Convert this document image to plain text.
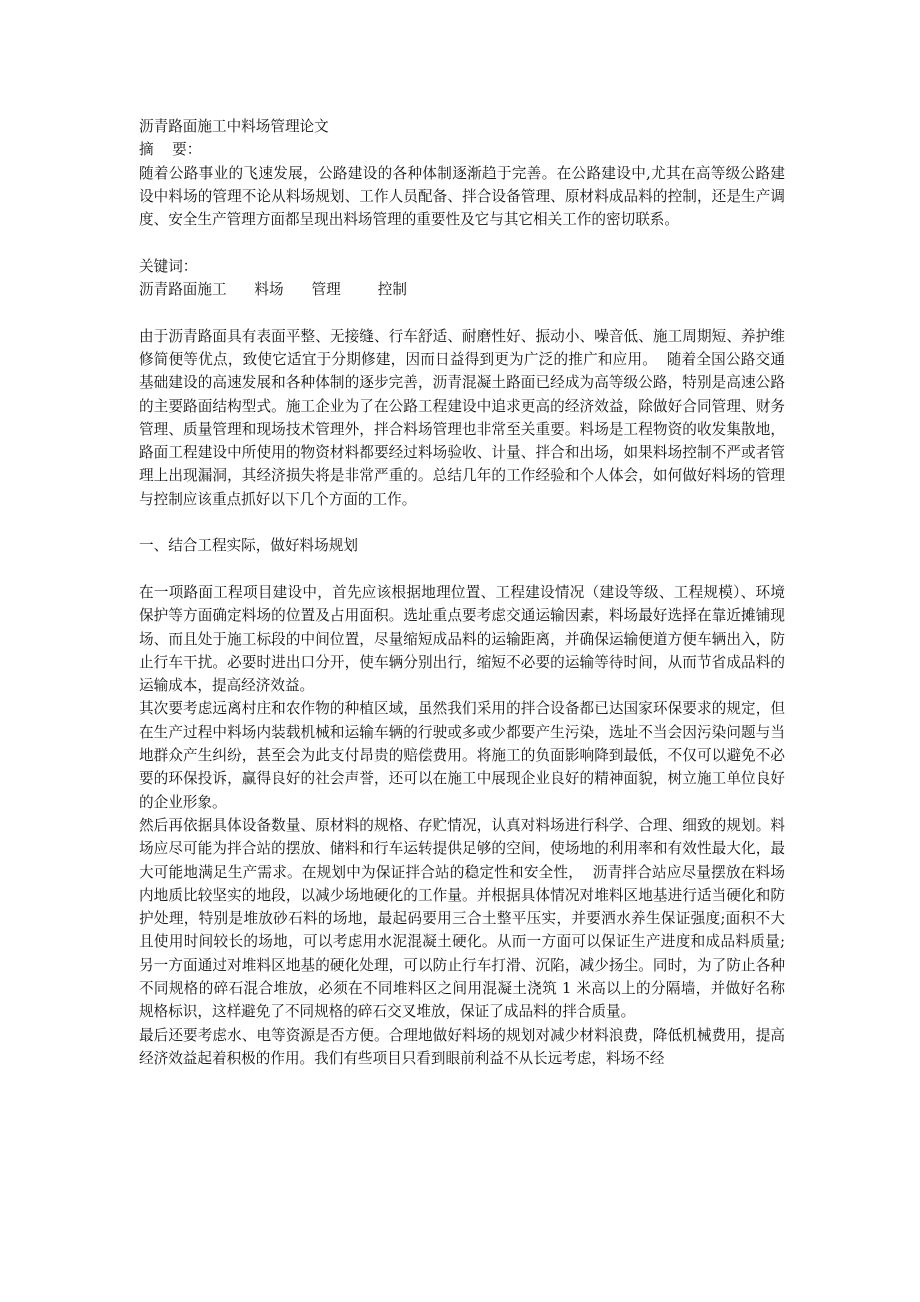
沥青路面施工中料场管理论文
摘    要：
随着公路事业的飞速发展，公路建设的各种体制逐渐趋于完善。在公路建设中,尤其在高等级公路建设中料场的管理不论从料场规划、工作人员配备、拌合设备管理、原材料成品料的控制，还是生产调度、安全生产管理方面都呈现出料场管理的重要性及它与其它相关工作的密切联系。
关键词：
沥青路面施工 料场 管理	控制
由于沥青路面具有表面平整、无接缝、行车舒适、耐磨性好、振动小、噪音低、施工周期短、养护维修简便等优点，致使它适宜于分期修建，因而日益得到更为广泛的推广和应用。  随着全国公路交通基础建设的高速发展和各种体制的逐步完善，沥青混凝土路面已经成为高等级公路，特别是高速公路的主要路面结构型式。施工企业为了在公路工程建设中追求更高的经济效益，除做好合同管理、财务管理、质量管理和现场技术管理外，拌合料场管理也非常至关重要。料场是工程物资的收发集散地，路面工程建设中所使用的物资材料都要经过料场验收、计量、拌合和出场，如果料场控制不严或者管理上出现漏洞，其经济损失将是非常严重的。总结几年的工作经验和个人体会，如何做好料场的管理与控制应该重点抓好以下几个方面的工作。
一、结合工程实际，做好料场规划
在一项路面工程项目建设中，首先应该根据地理位置、工程建设情况（建设等级、工程规模）、环境保护等方面确定料场的位置及占用面积。选址重点要考虑交通运输因素，料场最好选择在靠近摊铺现场、而且处于施工标段的中间位置，尽量缩短成品料的运输距离，并确保运输便道方便车辆出入，防止行车干扰。必要时进出口分开，使车辆分别出行，缩短不必要的运输等待时间，从而节省成品料的运输成本，提高经济效益。
其次要考虑远离村庄和农作物的种植区域，虽然我们采用的拌合设备都已达国家环保要求的规定，但在生产过程中料场内装载机械和运输车辆的行驶或多或少都要产生污染，选址不当会因污染问题与当地群众产生纠纷，甚至会为此支付昂贵的赔偿费用。将施工的负面影响降到最低，不仅可以避免不必要的环保投诉，赢得良好的社会声誉，还可以在施工中展现企业良好的精神面貌，树立施工单位良好的企业形象。
然后再依据具体设备数量、原材料的规格、存贮情况，认真对料场进行科学、合理、细致的规划。料场应尽可能为拌合站的摆放、储料和行车运转提供足够的空间，使场地的利用率和有效性最大化，最大可能地满足生产需求。在规划中为保证拌合站的稳定性和安全性，  沥青拌合站应尽量摆放在料场内地质比较坚实的地段，以减少场地硬化的工作量。并根据具体情况对堆料区地基进行适当硬化和防护处理，特别是堆放砂石料的场地，最起码要用三合土整平压实，并要洒水养生保证强度;面积不大且使用时间较长的场地，可以考虑用水泥混凝土硬化。从而一方面可以保证生产进度和成品料质量;另一方面通过对堆料区地基的硬化处理，可以防止行车打滑、沉陷，减少扬尘。同时，为了防止各种不同规格的碎石混合堆放，必须在不同堆料区之间用混凝土浇筑 1 米高以上的分隔墙，并做好名称规格标识，这样避免了不同规格的碎石交叉堆放，保证了成品料的拌合质量。
最后还要考虑水、电等资源是否方便。合理地做好料场的规划对减少材料浪费，降低机械费用，提高经济效益起着积极的作用。我们有些项目只看到眼前利益不从长远考虑，料场不经
